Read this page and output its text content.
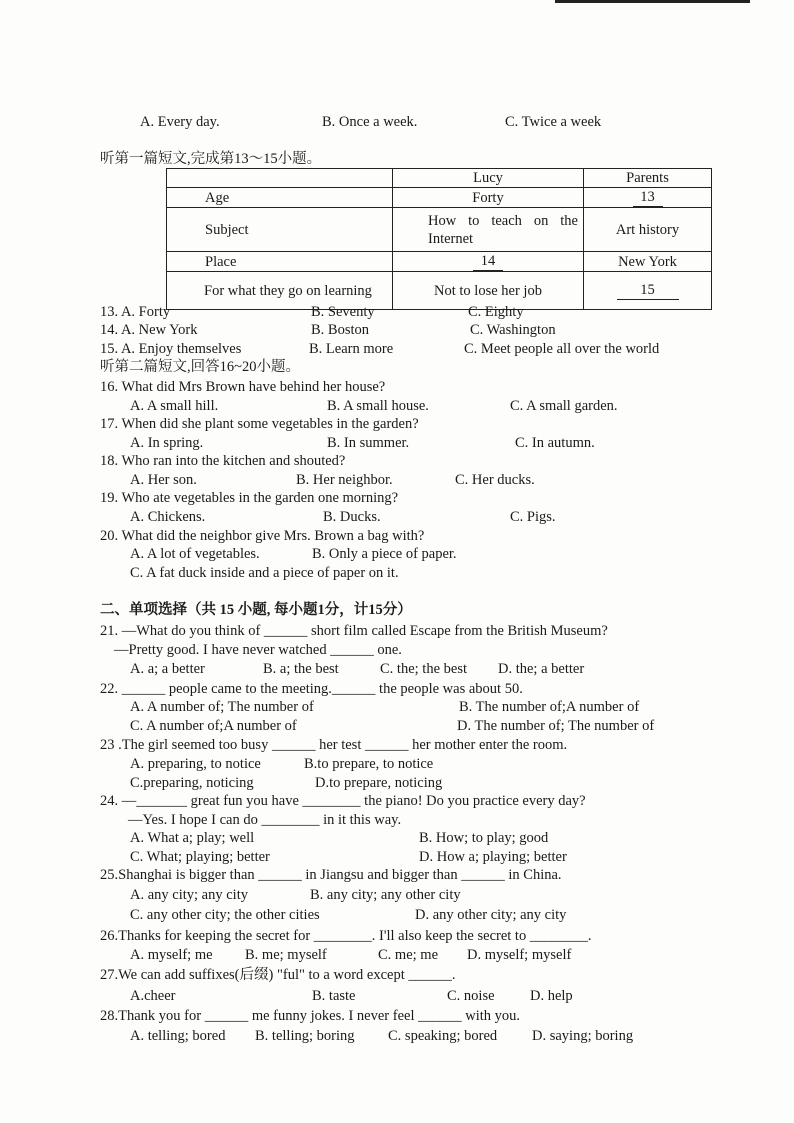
A. Every day.	B. Once a week.	C. Twice a week
听第一篇短文,完成第13～15小题。
	Lucy	Parents
Age	Forty	13
Subject	How to teach on the Internet	Art history
Place	14	New York

For what they go on learning	Not to lose her job	15
13. A. Forty	B. Seventy	C. Eighty
14. A. New York	B. Boston	C. Washington
15. A. Enjoy themselves	B. Learn more	C. Meet people all over the world
听第二篇短文,回答16~20小题。
16. What did Mrs Brown have behind her house?
A. A small hill.	B. A small house.	C. A small garden.
17. When did she plant some vegetables in the garden?
A. In spring.	B. In summer.	C. In autumn.
18. Who ran into the kitchen and shouted?
A. Her son.	B. Her neighbor.	C. Her ducks.
19. Who ate vegetables in the garden one morning?
A. Chickens.	B. Ducks.	C. Pigs.
20. What did the neighbor give Mrs. Brown a bag with?
A. A lot of vegetables.	B. Only a piece of paper.
C. A fat duck inside and a piece of paper on it.
二、单项选择（共 15 小题, 每小题1分，计15分）
21. —What do you think of ______ short film called Escape from the British Museum?
—Pretty good. I have never watched ______ one.
A. a; a better	B. a; the best	C. the; the best D. the; a better
22. ______ people came to the meeting.______ the people was about 50.
A. A number of; The number of	B. The number of;A number of
C. A number of;A number of	D. The number of; The number of
23 .The girl seemed too busy ______ her test ______ her mother enter the room.
A. preparing, to notice	B.to prepare, to notice
C.preparing, noticing	D.to prepare, noticing
24. —_______ great fun you have ________ the piano! Do you practice every day?
—Yes. I hope I can do ________ in it this way.
A. What a; play; well	B. How; to play; good
C. What; playing; better	D. How a; playing; better
25.Shanghai is bigger than ______ in Jiangsu and bigger than ______ in China.
A. any city; any city	B. any city; any other city
C. any other city; the other cities	D. any other city; any city
26.Thanks for keeping the secret for ________. I'll also keep the secret to ________.
A. myself; me B. me; myself	C. me; me D. myself; myself
27.We can add suffixes(后缀) "ful" to a word except ______.
A.cheer	B. taste	C. noise D. help
28.Thank you for ______ me funny jokes. I never feel ______ with you.
A. telling; bored B. telling; boring C. speaking; bored D. saying; boring
